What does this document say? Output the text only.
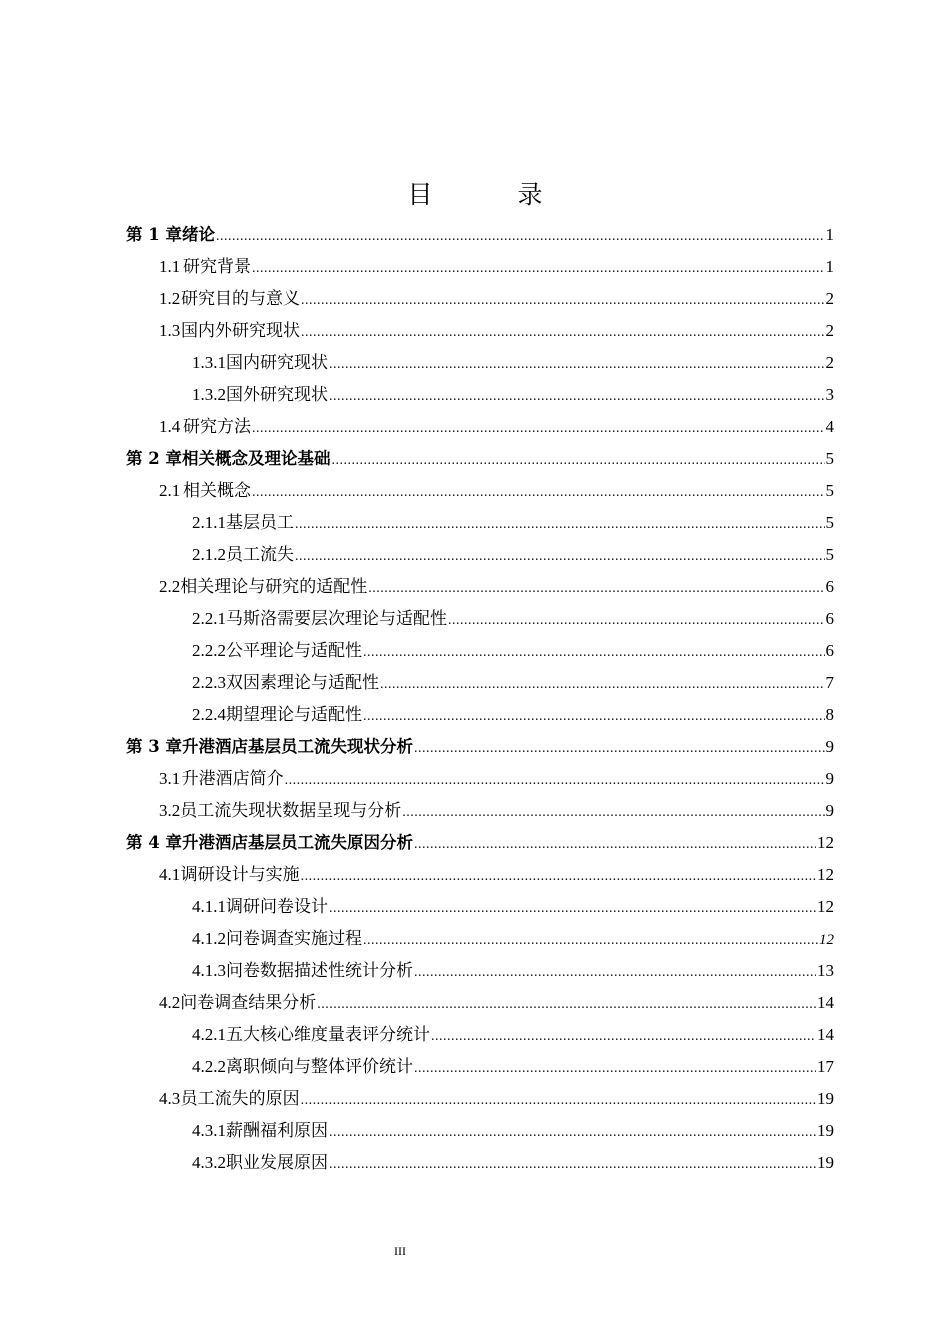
目　录
第 1 章 绪论 .....	1
1.1 研究背景 .....	1
1.2 研究目的与意义 .....	2
1.3 国内外研究现状 .....	2
1.3.1 国内研究现状 .....	2
1.3.2 国外研究现状 .....	3
1.4 研究方法 .....	4
第 2 章 相关概念及理论基础 .....	5
2.1 相关概念 .....	5
2.1.1 基层员工 .....	5
2.1.2 员工流失 .....	5
2.2 相关理论与研究的适配性 .....	6
2.2.1 马斯洛需要层次理论与适配性 .....	6
2.2.2 公平理论与适配性 .....	6
2.2.3 双因素理论与适配性 .....	7
2.2.4 期望理论与适配性 .....	8
第 3 章 升港酒店基层员工流失现状分析 .....	9
3.1 升港酒店简介 .....	9
3.2 员工流失现状数据呈现与分析 .....	9
第 4 章 升港酒店基层员工流失原因分析 .....	12
4.1 调研设计与实施 .....	12
4.1.1 调研问卷设计 .....	12
4.1.2 问卷调查实施过程 .....	12
4.1.3 问卷数据描述性统计分析 .....	13
4.2 问卷调查结果分析 .....	14
4.2.1 五大核心维度量表评分统计 .....	14
4.2.2 离职倾向与整体评价统计 .....	17
4.3 员工流失的原因 .....	19
4.3.1 薪酬福利原因 .....	19
4.3.2 职业发展原因 .....	19
III
